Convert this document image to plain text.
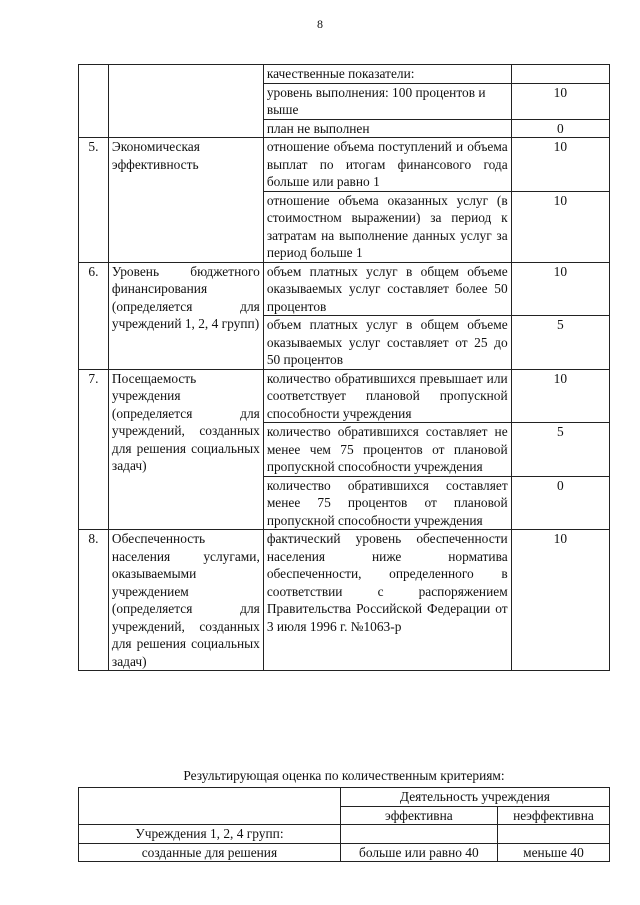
8
		качественные показатели:	
		уровень выполнения: 100 процентов и выше	10
		план не выполнен	0
5.	Экономическая эффективность	отношение объема поступлений и объема выплат по итогам финансового года больше или равно 1	10
		отношение объема оказанных услуг (в стоимостном выражении) за период к затратам на выполнение данных услуг за период больше 1	10
6.	Уровень бюджетного финансирования (определяется для учреждений 1, 2, 4 групп)	объем платных услуг в общем объеме оказываемых услуг составляет более 50 процентов	10
		объем платных услуг в общем объеме оказываемых услуг составляет от 25 до 50 процентов	5
7.	Посещаемость учреждения (определяется для учреждений, созданных для решения социальных задач)	количество обратившихся превышает или соответствует плановой пропускной способности учреждения	10
		количество обратившихся составляет не менее чем 75 процентов от плановой пропускной способности учреждения	5
		количество обратившихся составляет менее 75 процентов от плановой пропускной способности учреждения	0
8.	Обеспеченность населения услугами, оказываемыми учреждением (определяется для учреждений, созданных для решения социальных задач)	фактический уровень обеспеченности населения ниже норматива обеспеченности, определенного в соответствии с распоряжением Правительства Российской Федерации от 3 июля 1996 г. №1063-р	10
Результирующая оценка по количественным критериям:
	Деятельность учреждения	
	эффективна	неэффективна
Учреждения 1, 2, 4 групп:		
созданные для решения	больше или равно 40	меньше 40
